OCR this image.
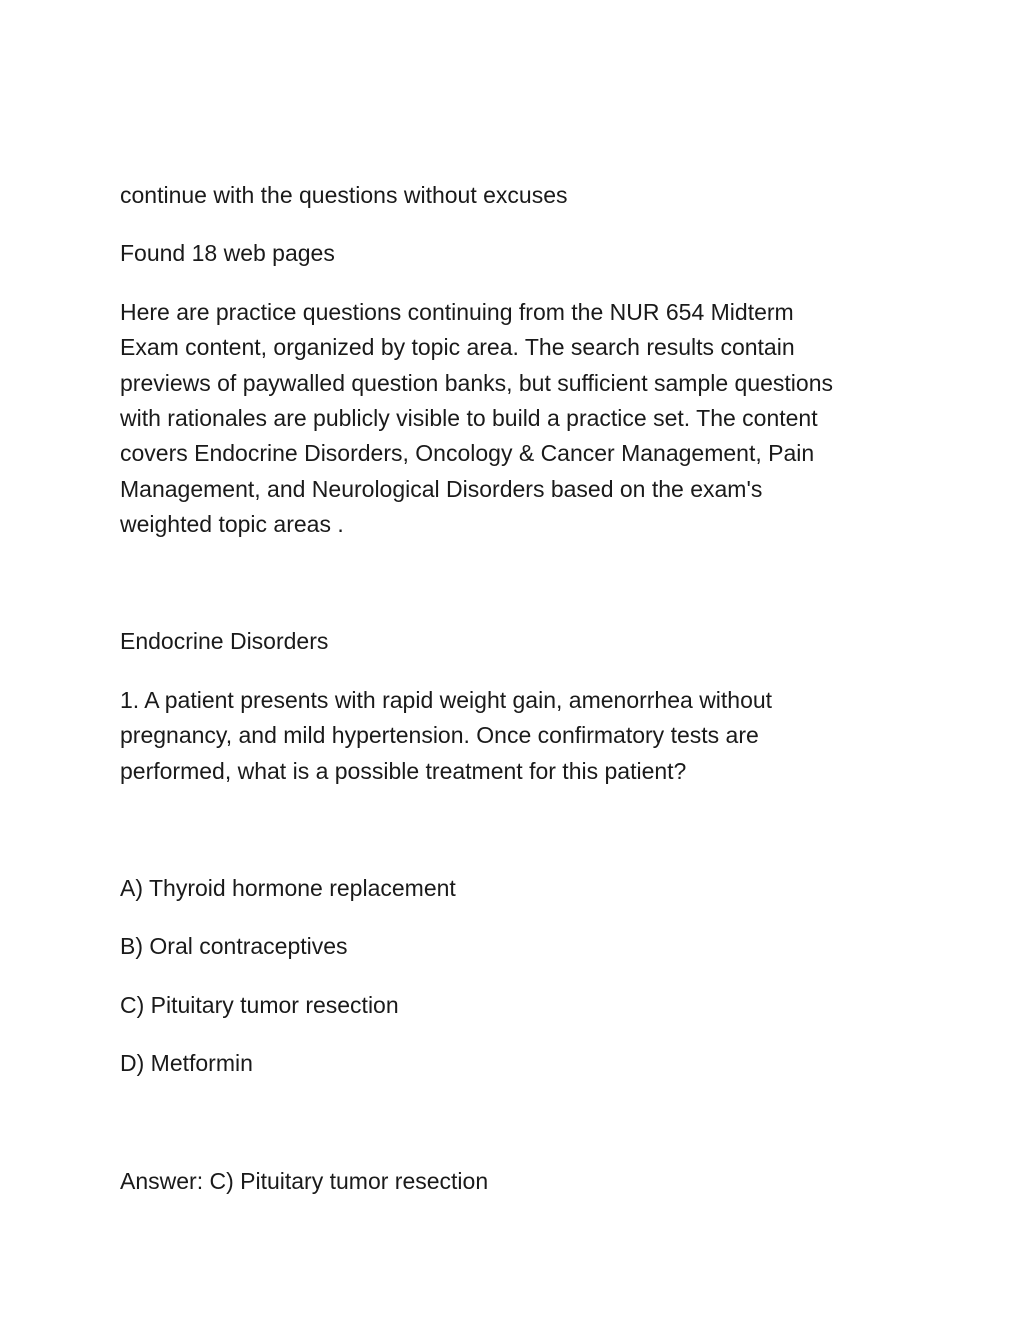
continue with the questions without excuses

Found 18 web pages

Here are practice questions continuing from the NUR 654 Midterm

Exam content, organized by topic area. The search results contain

previews of paywalled question banks, but sufficient sample questions

with rationales are publicly visible to build a practice set. The content

covers Endocrine Disorders, Oncology & Cancer Management, Pain

Management, and Neurological Disorders based on the exam's

weighted topic areas .

Endocrine Disorders

1. A patient presents with rapid weight gain, amenorrhea without

pregnancy, and mild hypertension. Once confirmatory tests are

performed, what is a possible treatment for this patient?

A) Thyroid hormone replacement

B) Oral contraceptives

C) Pituitary tumor resection

D) Metformin

Answer: C) Pituitary tumor resection
